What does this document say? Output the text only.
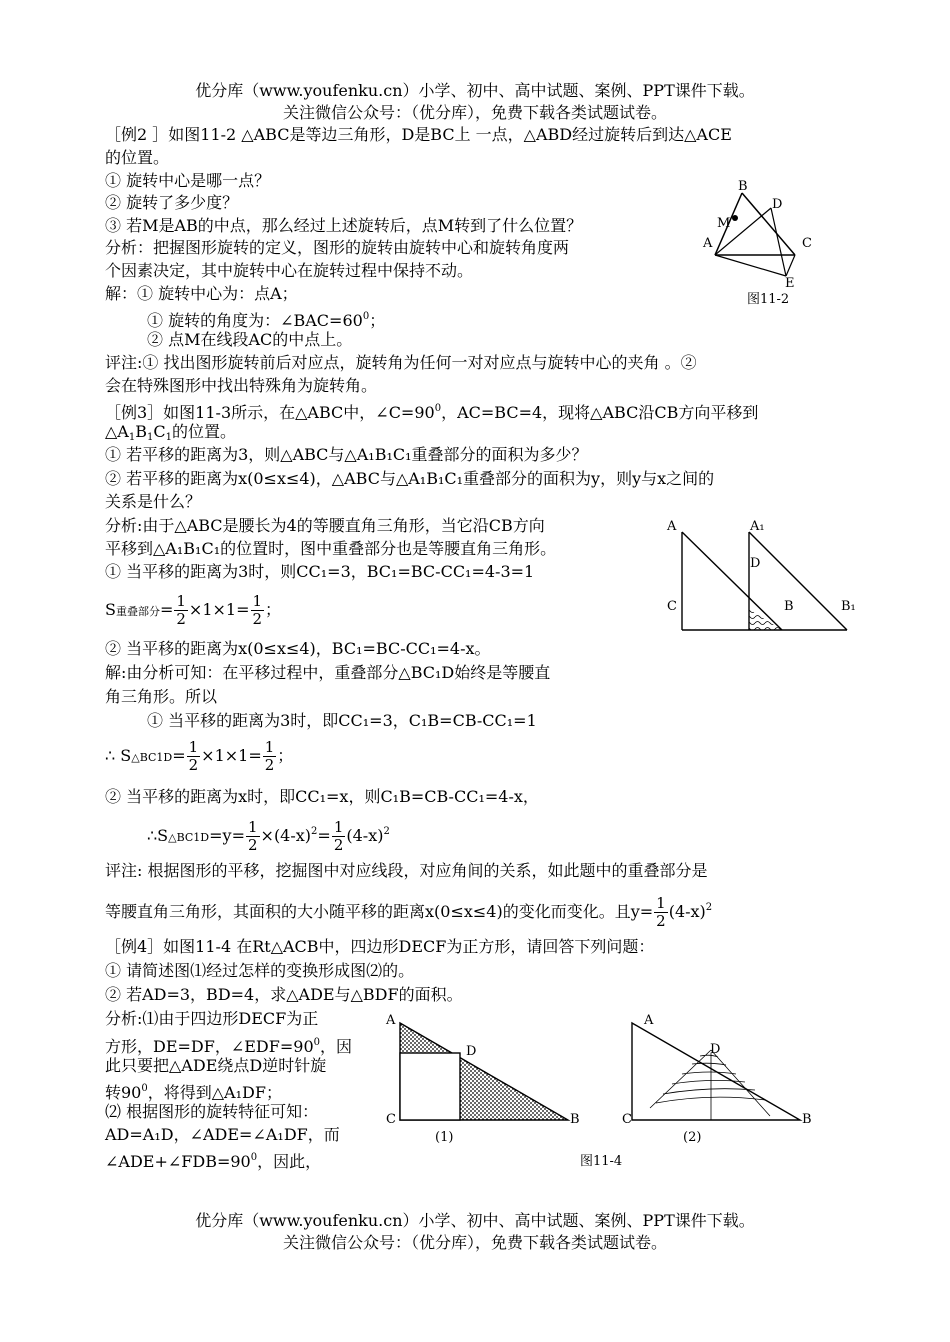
优分库（www.youfenku.cn）小学、初中、高中试题、案例、PPT课件下载。
关注微信公众号：（优分库），免费下载各类试题试卷。
［例2 ］如图11-2 △ABC是等边三角形，D是BC上 一点，△ABD经过旋转后到达△ACE
的位置。
① 旋转中心是哪一点？
② 旋转了多少度？
③ 若M是AB的中点，那么经过上述旋转后，点M转到了什么位置？
分析：把握图形旋转的定义，图形的旋转由旋转中心和旋转角度两
个因素决定，其中旋转中心在旋转过程中保持不动。
解：① 旋转中心为：点A；
① 旋转的角度为：$\angle BAC=60^0$；
② 点M在线段AC的中点上。
评注:① 找出图形旋转前后对应点，旋转角为任何一对对应点与旋转中心的夹角 。②
会在特殊图形中找出特殊角为旋转角。
B
D
M
A	C
E
图11-2
［例3］如图11-3所示，在△ABC中，$\angle C=90^0$，AC=BC=4，现将△ABC沿CB方向平移到
$\triangle A_1B_1C_1$的位置。
① 若平移的距离为3，则△ABC与△A₁B₁C₁重叠部分的面积为多少？
② 若平移的距离为x(0≤x≤4)，△ABC与△A₁B₁C₁重叠部分的面积为y，则y与x之间的
关系是什么？
分析:由于△ABC是腰长为4的等腰直角三角形，当它沿CB方向
平移到△A₁B₁C₁的位置时，图中重叠部分也是等腰直角三角形。
① 当平移的距离为3时，则CC₁=3，BC₁=BC-CC₁=4-3=1
S重叠部分= $\frac{1}{2} \times 1\times 1= \frac{1}{2}$ ；
② 当平移的距离为x(0≤x≤4)，BC₁=BC-CC₁=4-x。
解:由分析可知：在平移过程中，重叠部分△BC₁D始终是等腰直
角三角形。所以
① 当平移的距离为3时，即CC₁=3，C₁B=CB-CC₁=1
∴ S△BC1D= $\frac{1}{2} \times 1\times 1= \frac{1}{2}$ ；
② 当平移的距离为x时，即CC₁=x，则C₁B=CB-CC₁=4-x，
∴S△BC1D=y= $\frac{1}{2} \times(4-x)^2= \frac{1}{2} (4-x)^2$
评注: 根据图形的平移，挖掘图中对应线段，对应角间的关系，如此题中的重叠部分是
等腰直角三角形，其面积的大小随平移的距离x(0≤x≤4)的变化而变化。且$y= \frac{1}{2} (4-x)^2$
A	A₁
D
C	B	B₁
［例4］如图11-4 在Rt△ACB中，四边形DECF为正方形，请回答下列问题：
① 请简述图⑴经过怎样的变换形成图⑵的。
② 若AD=3，BD=4，求△ADE与△BDF的面积。
分析:⑴由于四边形DECF为正
方形，DE=DF，$\angle EDF=90^0$，因
此只要把△ADE绕点D逆时针旋
转$90^0$，将得到△A₁DF；
⑵ 根据图形的旋转特征可知：
AD=A₁D，∠ADE=∠A₁DF，而
$\angle ADE+\angle FDB=90^0$，因此，
A
D
C	B
(1)
A
D
C	B
(2)
图11-4
优分库（www.youfenku.cn）小学、初中、高中试题、案例、PPT课件下载。
关注微信公众号：（优分库），免费下载各类试题试卷。
